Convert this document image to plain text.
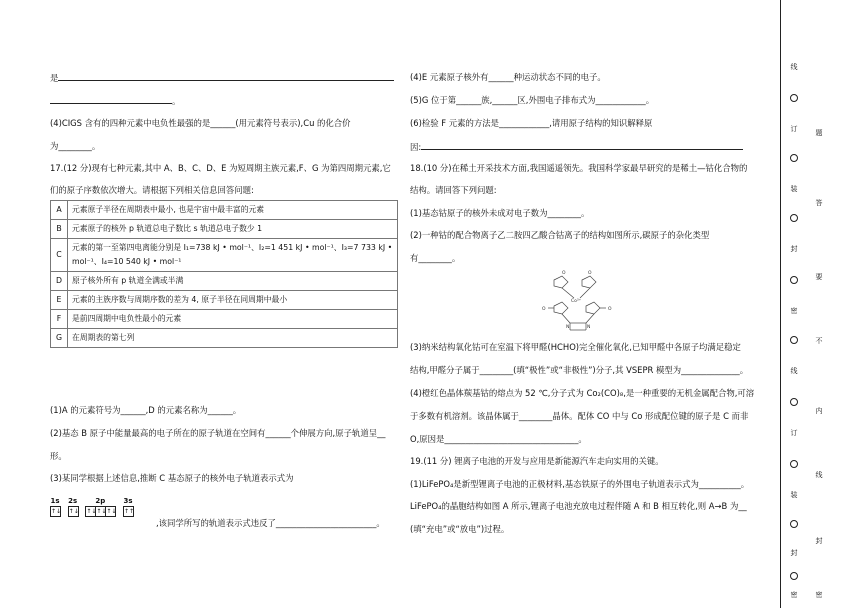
是
。
(4)CIGS 含有的四种元素中电负性最强的是______(用元素符号表示),Cu 的化合价
为________。
17.(12 分)现有七种元素,其中 A、B、C、D、E 为短周期主族元素,F、G 为第四周期元素,它
们的原子序数依次增大。请根据下列相关信息回答问题:
A	元素原子半径在周期表中最小, 也是宇宙中最丰富的元素
B	元素原子的核外 p 轨道总电子数比 s 轨道总电子数少 1
C	元素的第一至第四电离能分别是 I₁=738 kJ • mol⁻¹、I₂=1 451 kJ • mol⁻¹、I₃=7 733 kJ • mol⁻¹、I₄=10 540 kJ • mol⁻¹
D	原子核外所有 p 轨道全满或半满
E	元素的主族序数与周期序数的差为 4, 原子半径在同周期中最小
F	是前四周期中电负性最小的元素
G	在周期表的第七列
(1)A 的元素符号为______,D 的元素名称为______。
(2)基态 B 原子中能量最高的电子所在的原子轨道在空间有______个伸展方向,原子轨道呈__
形。
(3)某同学根据上述信息,推断 C 基态原子的核外电子轨道表示式为
1s
↑↓
2s
↑↓
2p
↑↓↑↓↑↓
3s
↑↑
,该同学所写的轨道表示式违反了________________________。
(4)E 元素原子核外有______种运动状态不同的电子。
(5)G 位于第______族,______区,外围电子排布式为____________。
(6)检验 F 元素的方法是____________,请用原子结构的知识解释原
因:
18.(10 分)在稀土开采技术方面,我国遥遥领先。我国科学家最早研究的是稀土—钴化合物的
结构。请回答下列问题:
(1)基态钴原子的核外未成对电子数为________。
(2)一种钴的配合物离子乙二胺四乙酸合钴离子的结构如图所示,碳原子的杂化类型
有________。
O	O
O	O
N	N
Co³⁺
(3)纳米结构氧化钴可在室温下将甲醛(HCHO)完全催化氧化,已知甲醛中各原子均满足稳定
结构,甲醛分子属于________(填“极性”或“非极性”)分子,其 VSEPR 模型为______________。
(4)橙红色晶体羰基钴的熔点为 52 ℃,分子式为 Co₂(CO)₈,是一种重要的无机金属配合物,可溶
于多数有机溶剂。该晶体属于________晶体。配体 CO 中与 Co 形成配位键的原子是 C 而非
O,原因是________________________________。
19.(11 分) 锂离子电池的开发与应用是新能源汽车走向实用的关键。
(1)LiFePO₄是新型锂离子电池的正极材料,基态铁原子的外围电子轨道表示式为__________。
LiFePO₄的晶胞结构如图 A 所示,锂离子电池充放电过程伴随 A 和 B 相互转化,则 A→B 为__
(填“充电”或“放电”)过程。
线
订
装
封
密
线
订
装
封
密
题
答
要
不
内
线
封
密
